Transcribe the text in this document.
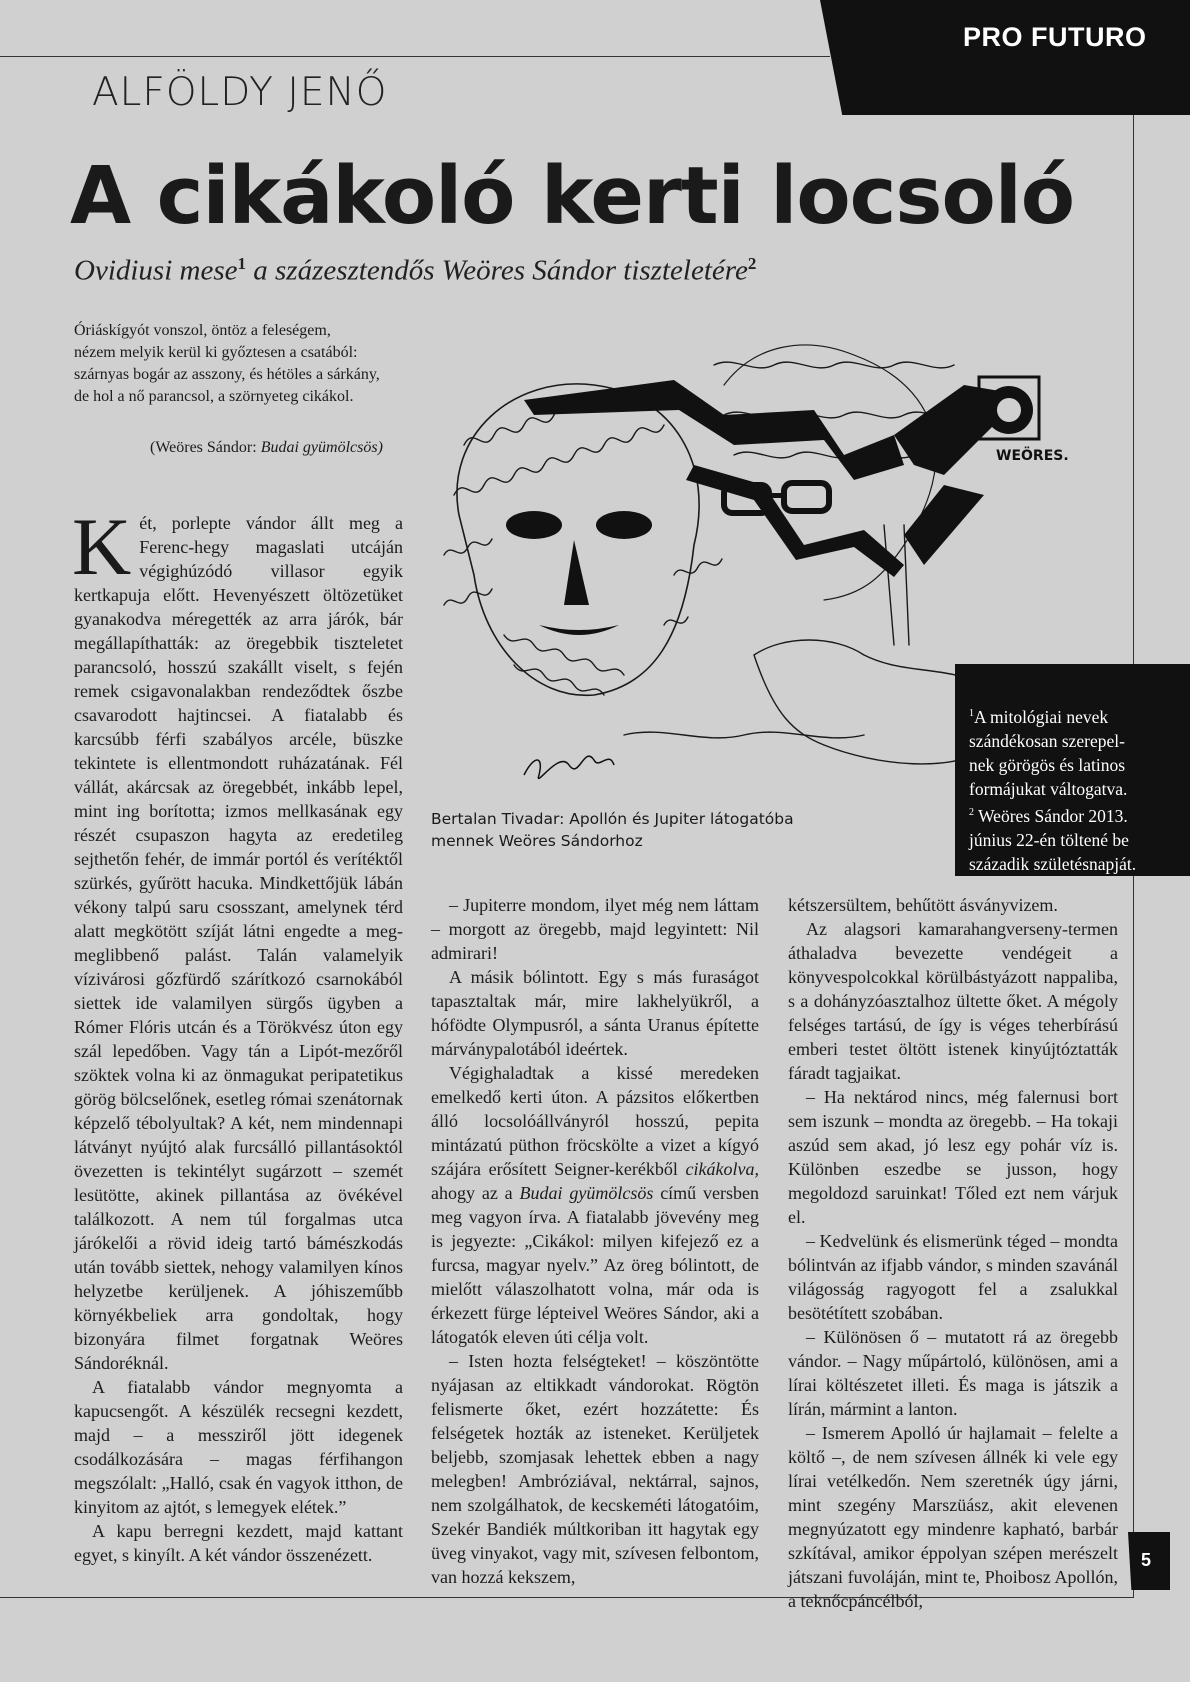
PRO FUTURO
ALFÖLDY JENŐ
A cikákoló kerti locsoló
Ovidiusi mese$^1$ a százesztendős Weöres Sándor tiszteletére$^2$
Óriáskígyót vonszol, öntöz a feleségem,
nézem melyik kerül ki győztesen a csatából:
szárnyas bogár az asszony, és hétöles a sárkány,
de hol a nő parancsol, a szörnyeteg cikákol.
(Weöres Sándor: Budai gyümölcsös)	WEÖRES.
Bertalan Tivadar: Apollón és Jupiter látogatóba
mennek Weöres Sándorhoz

$^1$A mitológiai nevek

szándékosan szerepel-

nek görögös és latinos

formájukat váltogatva.

$^2$ Weöres Sándor 2013.

június 22-én töltené be

századik születésnapját.

Két, porlepte vándor állt meg a Ferenc-hegy magaslati utcáján végighúzódó villasor egyik kertkapuja előtt. Hevenyészett öltözetüket gyanakodva méregették az arra járók, bár megállapíthatták: az öregebbik tiszteletet parancsoló, hosszú szakállt viselt, s fején remek csigavonalakban rendeződtek őszbe csavarodott hajtincsei. A fiatalabb és karcsúbb férfi szabályos arcéle, büszke tekintete is ellentmondott ruházatának. Fél vállát, akárcsak az öregebbét, inkább lepel, mint ing borította; izmos mellkasának egy részét csupaszon hagyta az eredetileg sejthetőn fehér, de immár portól és verítéktől szürkés, gyűrött hacuka. Mindkettőjük lábán vékony talpú saru csosszant, amelynek térd alatt megkötött szíját látni engedte a meg-meglibbenő palást. Talán valamelyik vízivárosi gőzfürdő szárítkozó csarnokából siettek ide valamilyen sürgős ügyben a Rómer Flóris utcán és a Törökvész úton egy szál lepedőben. Vagy tán a Lipót-mezőről szöktek volna ki az önmagukat peripatetikus görög bölcselőnek, esetleg római szenátornak képzelő tébolyultak? A két, nem mindennapi látványt nyújtó alak furcsálló pillantásoktól övezetten is tekintélyt sugárzott – szemét lesütötte, akinek pillantása az övékével találkozott. A nem túl forgalmas utca járókelői a rövid ideig tartó bámészkodás után tovább siettek, nehogy valamilyen kínos helyzetbe kerüljenek. A jóhiszeműbb környékbeliek arra gondoltak, hogy bizonyára filmet forgatnak Weöres Sándoréknál.

A fiatalabb vándor megnyomta a kapucsengőt. A készülék recsegni kezdett, majd – a messziről jött idegenek csodálkozására – magas férfihangon megszólalt: „Halló, csak én vagyok itthon, de kinyitom az ajtót, s lemegyek elétek.”

A kapu berregni kezdett, majd kattant egyet, s kinyílt. A két vándor összenézett.

– Jupiterre mondom, ilyet még nem láttam – morgott az öregebb, majd legyintett: Nil admirari!

A másik bólintott. Egy s más furaságot tapasztaltak már, mire lakhelyükről, a hófödte Olympusról, a sánta Uranus építette márványpalotából ideértek.

Végighaladtak a kissé meredeken emelkedő kerti úton. A pázsitos előkertben álló locsolóállványról hosszú, pepita mintázatú püthon fröcskölte a vizet a kígyó szájára erősített Seigner-kerékből cikákolva, ahogy az a Budai gyümölcsös című versben meg vagyon írva. A fiatalabb jövevény meg is jegyezte: „Cikákol: milyen kifejező ez a furcsa, magyar nyelv.” Az öreg bólintott, de mielőtt válaszolhatott volna, már oda is érkezett fürge lépteivel Weöres Sándor, aki a látogatók eleven úti célja volt.

– Isten hozta felségteket! – köszöntötte nyájasan az eltikkadt vándorokat. Rögtön felismerte őket, ezért hozzátette: És felségetek hozták az isteneket. Kerüljetek beljebb, szomjasak lehettek ebben a nagy melegben! Ambróziával, nektárral, sajnos, nem szolgálhatok, de kecskeméti látogatóim, Szekér Bandiék múltkoriban itt hagytak egy üveg vinyakot, vagy mit, szívesen felbontom, van hozzá kekszem,

kétszersültem, behűtött ásványvizem.

Az alagsori kamarahangverseny-termen áthaladva bevezette vendégeit a könyvespolcokkal körülbástyázott nappaliba, s a dohányzóasztalhoz ültette őket. A mégoly felséges tartású, de így is véges teherbírású emberi testet öltött istenek kinyújtóztatták fáradt tagjaikat.

– Ha nektárod nincs, még falernusi bort sem iszunk – mondta az öregebb. – Ha tokaji aszúd sem akad, jó lesz egy pohár víz is. Különben eszedbe se jusson, hogy megoldozd saruinkat! Tőled ezt nem várjuk el.

– Kedvelünk és elismerünk téged – mondta bólintván az ifjabb vándor, s minden szavánál világosság ragyogott fel a zsalukkal besötétített szobában.

– Különösen ő – mutatott rá az öregebb vándor. – Nagy műpártoló, különösen, ami a lírai költészetet illeti. És maga is játszik a lírán, mármint a lanton.

– Ismerem Apolló úr hajlamait – felelte a költő –, de nem szívesen állnék ki vele egy lírai vetélkedőn. Nem szeretnék úgy járni, mint szegény Marszüász, akit elevenen megnyúzatott egy mindenre kapható, barbár szkítával, amikor éppolyan szépen merészelt játszani fuvoláján, mint te, Phoibosz Apollón, a teknőcpáncélból,

5
